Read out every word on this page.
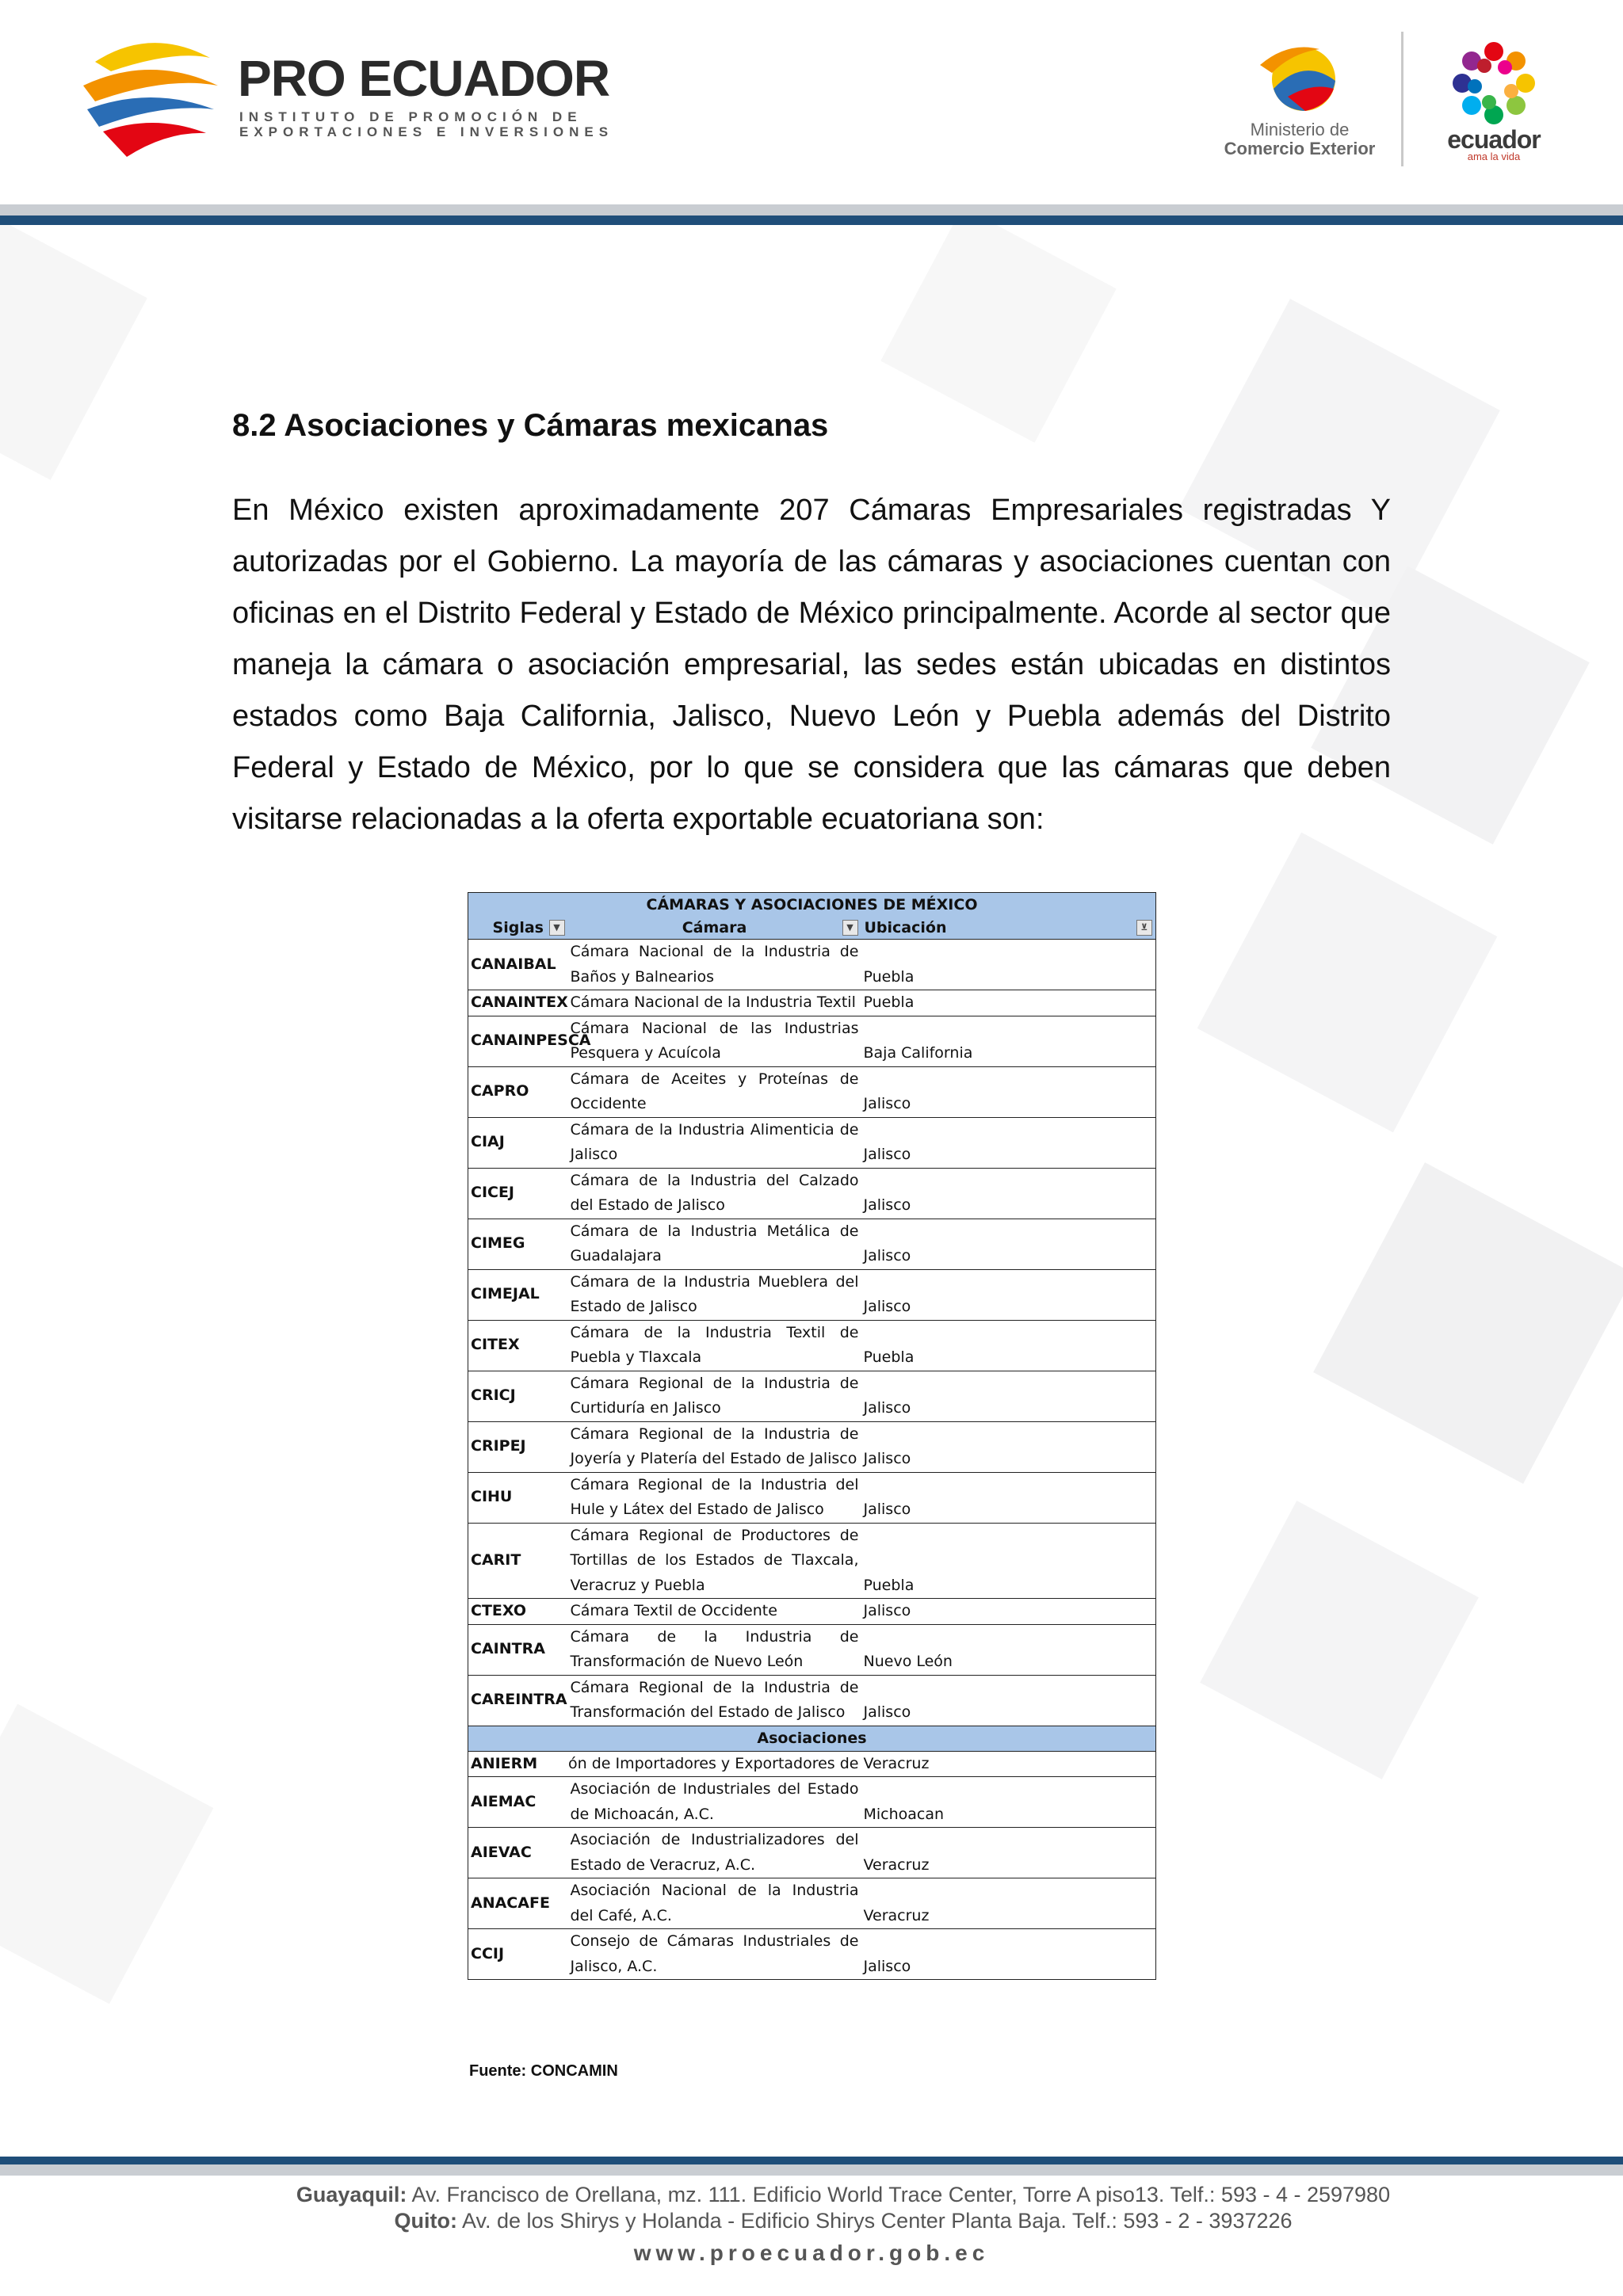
PRO ECUADOR
INSTITUTO DE PROMOCIÓN DE
EXPORTACIONES E INVERSIONES	Ministerio de
Comercio Exterior	ecuador
ama la vida
8.2 Asociaciones y Cámaras mexicanas
En México existen aproximadamente 207 Cámaras Empresariales registradas Y autorizadas por el Gobierno. La mayoría de las cámaras y asociaciones cuentan con oficinas en el Distrito Federal y Estado de México principalmente. Acorde al sector que maneja la cámara o asociación empresarial, las sedes están ubicadas en distintos estados como Baja California, Jalisco, Nuevo León y Puebla además del Distrito Federal y Estado de México, por lo que se considera que las cámaras que deben visitarse relacionadas a la oferta exportable ecuatoriana son:
CÁMARAS Y ASOCIACIONES DE MÉXICO		
Siglas ▼	Cámara ▼	Ubicación ⊻

CANAIBAL	Cámara Nacional de la Industria de Baños y Balnearios	Puebla
CANAINTEX	Cámara Nacional de la Industria Textil	Puebla
CANAINPESCA	Cámara Nacional de las Industrias Pesquera y Acuícola	Baja California
CAPRO	Cámara de Aceites y Proteínas de Occidente	Jalisco
CIAJ	Cámara de la Industria Alimenticia de Jalisco	Jalisco
CICEJ	Cámara de la Industria del Calzado del Estado de Jalisco	Jalisco
CIMEG	Cámara de la Industria Metálica de Guadalajara	Jalisco
CIMEJAL	Cámara de la Industria Mueblera del Estado de Jalisco	Jalisco
CITEX	Cámara de la Industria Textil de Puebla y Tlaxcala	Puebla
CRICJ	Cámara Regional de la Industria de Curtiduría en Jalisco	Jalisco
CRIPEJ	Cámara Regional de la Industria de Joyería y Platería del Estado de Jalisco	Jalisco
CIHU	Cámara Regional de la Industria del Hule y Látex del Estado de Jalisco	Jalisco
CARIT	Cámara Regional de Productores de Tortillas de los Estados de Tlaxcala, Veracruz y Puebla	Puebla
CTEXO	Cámara Textil de Occidente	Jalisco
CAINTRA	Cámara de la Industria de Transformación de Nuevo León	Nuevo León
CAREINTRA	Cámara Regional de la Industria de Transformación del Estado de Jalisco	Jalisco
Asociaciones		
ANIERM	ón de Importadores y Exportadores de	Veracruz
AIEMAC	Asociación de Industriales del Estado de Michoacán, A.C.	Michoacan
AIEVAC	Asociación de Industrializadores del Estado de Veracruz, A.C.	Veracruz
ANACAFE	Asociación Nacional de la Industria del Café, A.C.	Veracruz
CCIJ	Consejo de Cámaras Industriales de Jalisco, A.C.	Jalisco
Fuente: CONCAMIN
Guayaquil: Av. Francisco de Orellana, mz. 111. Edificio World Trace Center, Torre A piso13. Telf.: 593 - 4 - 2597980
Quito: Av. de los Shirys y Holanda - Edificio Shirys Center Planta Baja. Telf.: 593 - 2 - 3937226
www.proecuador.gob.ec
